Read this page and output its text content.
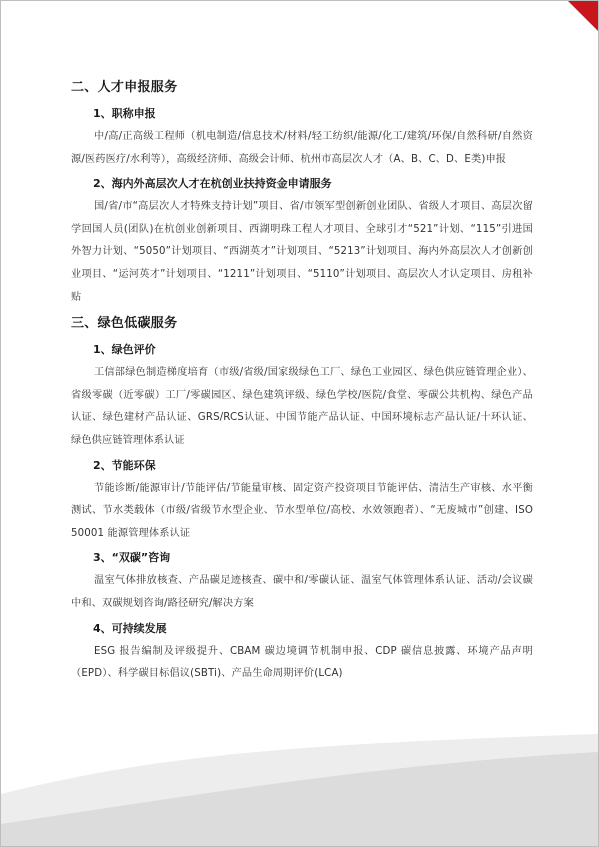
二、人才申报服务
1、职称申报

中/高/正高级工程师（机电制造/信息技术/材料/轻工纺织/能源/化工/建筑/环保/自然科研/自然资源/医药医疗/水利等），高级经济师、高级会计师、杭州市高层次人才（A、B、C、D、E类)申报

2、海内外高层次人才在杭创业扶持资金申请服务

国/省/市“高层次人才特殊支持计划”项目、省/市领军型创新创业团队、省级人才项目、高层次留学回国人员(团队)在杭创业创新项目、西湖明珠工程人才项目、全球引才“521”计划、“115”引进国外智力计划、“5050”计划项目、“西湖英才”计划项目、“5213”计划项目、海内外高层次人才创新创业项目、“运河英才”计划项目、“1211”计划项目、“5110”计划项目、高层次人才认定项目、房租补贴

三、绿色低碳服务
1、绿色评价

工信部绿色制造梯度培育（市级/省级/国家级绿色工厂、绿色工业园区、绿色供应链管理企业）、省级零碳（近零碳）工厂/零碳园区、绿色建筑评级、绿色学校/医院/食堂、零碳公共机构、绿色产品认证、绿色建材产品认证、GRS/RCS认证、中国节能产品认证、中国环境标志产品认证/十环认证、绿色供应链管理体系认证

2、节能环保

节能诊断/能源审计/节能评估/节能量审核、固定资产投资项目节能评估、清洁生产审核、水平衡测试、节水类载体（市级/省级节水型企业、节水型单位/高校、水效领跑者）、“无废城市”创建、ISO 50001 能源管理体系认证

3、“双碳”咨询

温室气体排放核查、产品碳足迹核查、碳中和/零碳认证、温室气体管理体系认证、活动/会议碳中和、双碳规划咨询/路径研究/解决方案

4、可持续发展

ESG 报告编制及评级提升、CBAM 碳边境调节机制申报、CDP 碳信息披露、环境产品声明（EPD）、科学碳目标倡议(SBTi)、产品生命周期评价(LCA)
